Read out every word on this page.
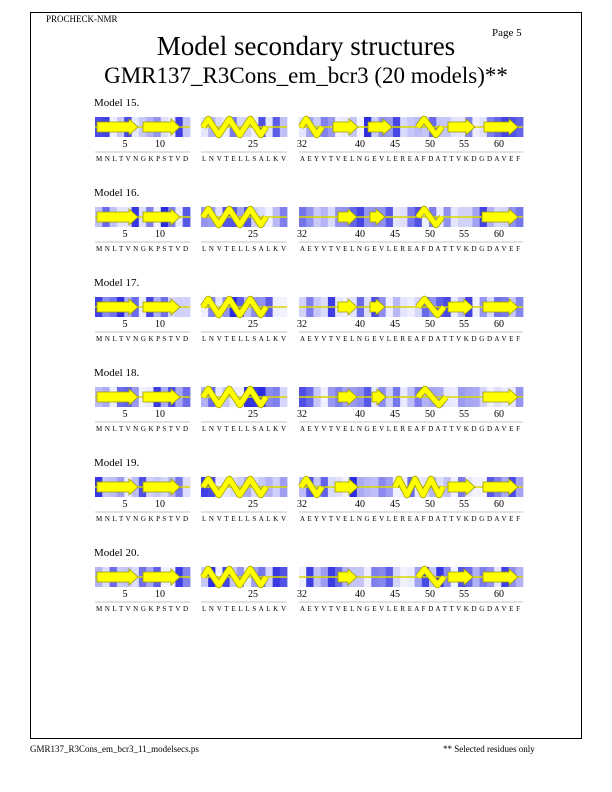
PROCHECK-NMR
Page 5
Model secondary structures
GMR137_R3Cons_em_bcr3 (20 models)**
Model 15.
5	10
M N L T V N G K P S T V D
25
L N V T E L L S A L K V
32	40	45	50 55	60
A E Y V T V E L N G E V L E R E A F D A T T V K D G D A V E F
Model 16.
5	10
M N L T V N G K P S T V D
25
L N V T E L L S A L K V
32	40	45	50 55	60
A E Y V T V E L N G E V L E R E A F D A T T V K D G D A V E F
Model 17.
5	10
M N L T V N G K P S T V D
25
L N V T E L L S A L K V
32	40	45	50 55	60
A E Y V T V E L N G E V L E R E A F D A T T V K D G D A V E F
Model 18.
5	10
M N L T V N G K P S T V D
25
L N V T E L L S A L K V
32	40	45	50 55	60
A E Y V T V E L N G E V L E R E A F D A T T V K D G D A V E F
Model 19.
5	10
M N L T V N G K P S T V D
25
L N V T E L L S A L K V
32	40	45	50 55	60
A E Y V T V E L N G E V L E R E A F D A T T V K D G D A V E F
Model 20.
5	10
M N L T V N G K P S T V D
25
L N V T E L L S A L K V
32	40	45	50 55	60
A E Y V T V E L N G E V L E R E A F D A T T V K D G D A V E F
GMR137_R3Cons_em_bcr3_11_modelsecs.ps	** Selected residues only
